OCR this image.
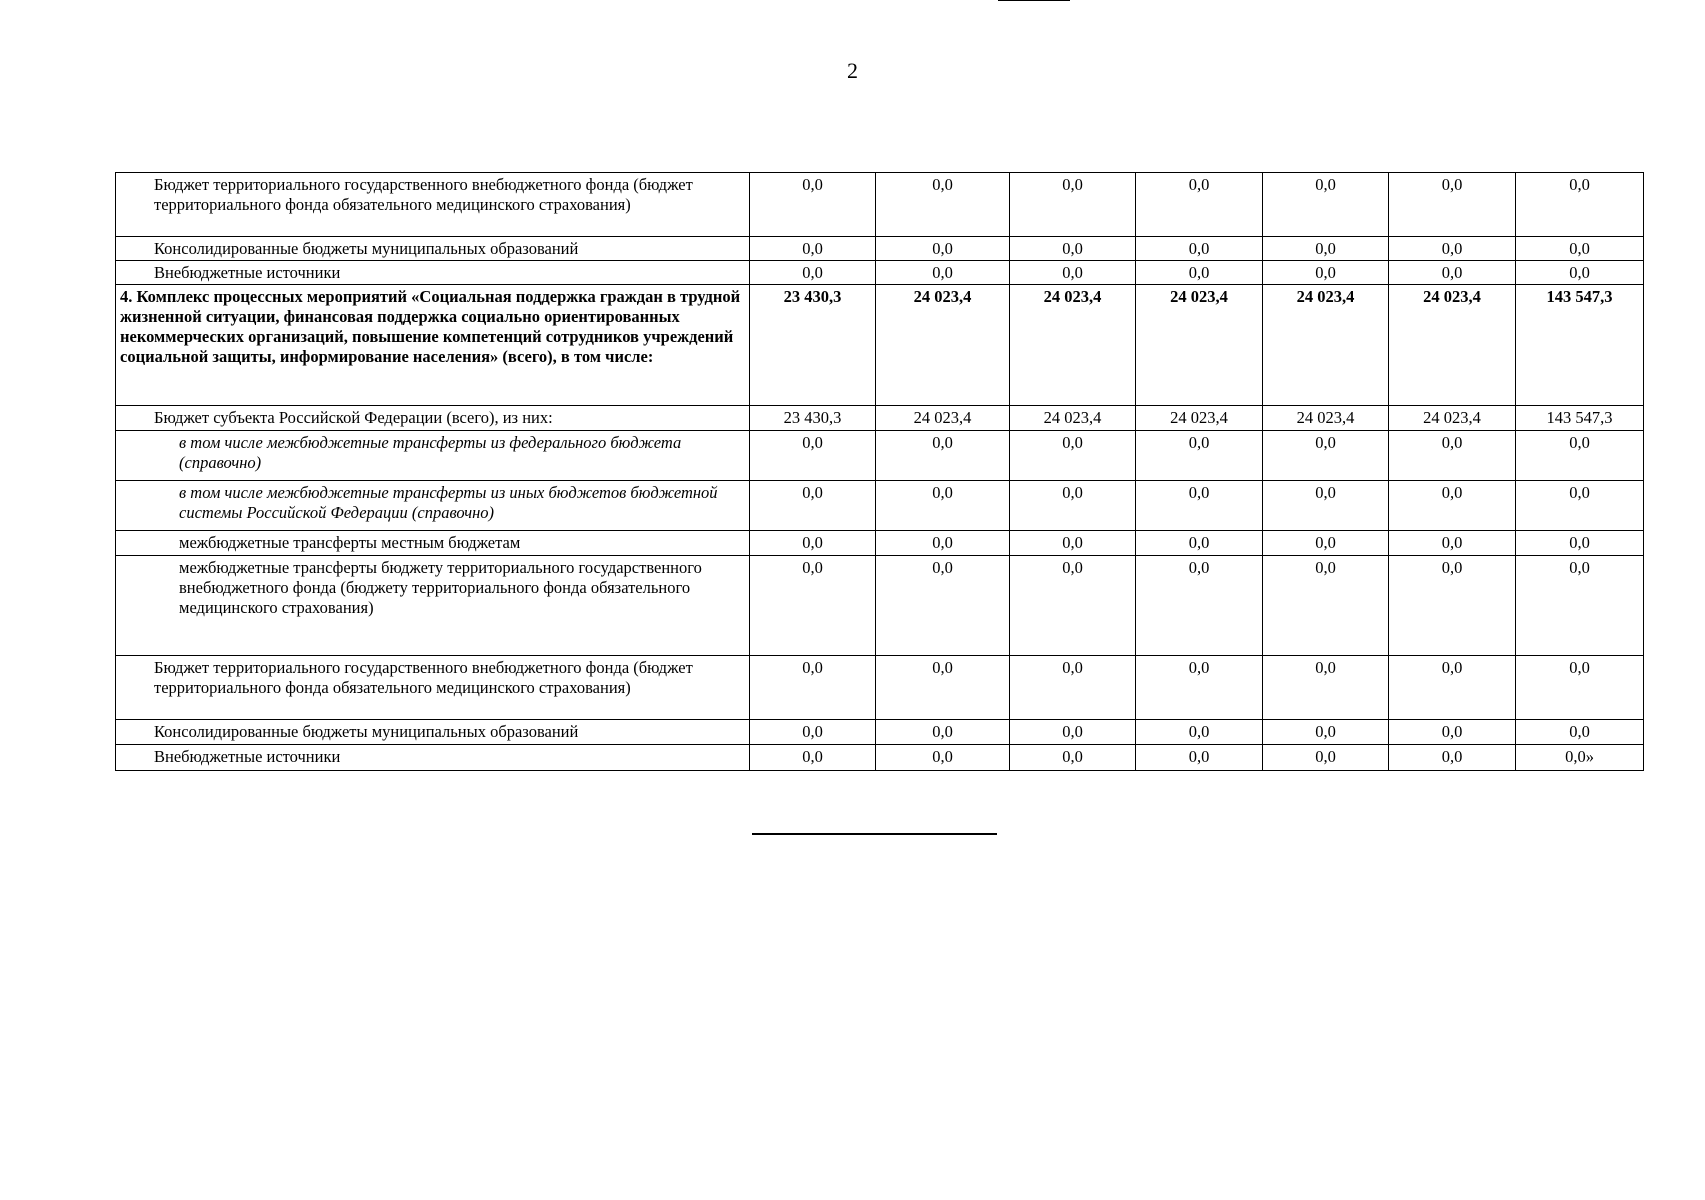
2
Бюджет территориального государственного внебюджетного фонда (бюджет территориального фонда обязательного медицинского страхования)	0,0	0,0	0,0	0,0	0,0	0,0	0,0
Консолидированные бюджеты муниципальных образований	0,0	0,0	0,0	0,0	0,0	0,0	0,0
Внебюджетные источники	0,0	0,0	0,0	0,0	0,0	0,0	0,0
4. Комплекс процессных мероприятий «Социальная поддержка граждан в трудной жизненной ситуации, финансовая поддержка социально ориентированных некоммерческих организаций, повышение компетенций сотрудников учреждений социальной защиты, информирование населения» (всего), в том числе:	23 430,3	24 023,4	24 023,4	24 023,4	24 023,4	24 023,4	143 547,3
Бюджет субъекта Российской Федерации (всего), из них:	23 430,3	24 023,4	24 023,4	24 023,4	24 023,4	24 023,4	143 547,3
в том числе межбюджетные трансферты из федерального бюджета (справочно)	0,0	0,0	0,0	0,0	0,0	0,0	0,0
в том числе межбюджетные трансферты из иных бюджетов бюджетной системы Российской Федерации (справочно)	0,0	0,0	0,0	0,0	0,0	0,0	0,0
межбюджетные трансферты местным бюджетам	0,0	0,0	0,0	0,0	0,0	0,0	0,0
межбюджетные трансферты бюджету территориального государственного внебюджетного фонда (бюджету территориального фонда обязательного медицинского страхования)	0,0	0,0	0,0	0,0	0,0	0,0	0,0
Бюджет территориального государственного внебюджетного фонда (бюджет территориального фонда обязательного медицинского страхования)	0,0	0,0	0,0	0,0	0,0	0,0	0,0
Консолидированные бюджеты муниципальных образований	0,0	0,0	0,0	0,0	0,0	0,0	0,0
Внебюджетные источники	0,0	0,0	0,0	0,0	0,0	0,0	0,0»
